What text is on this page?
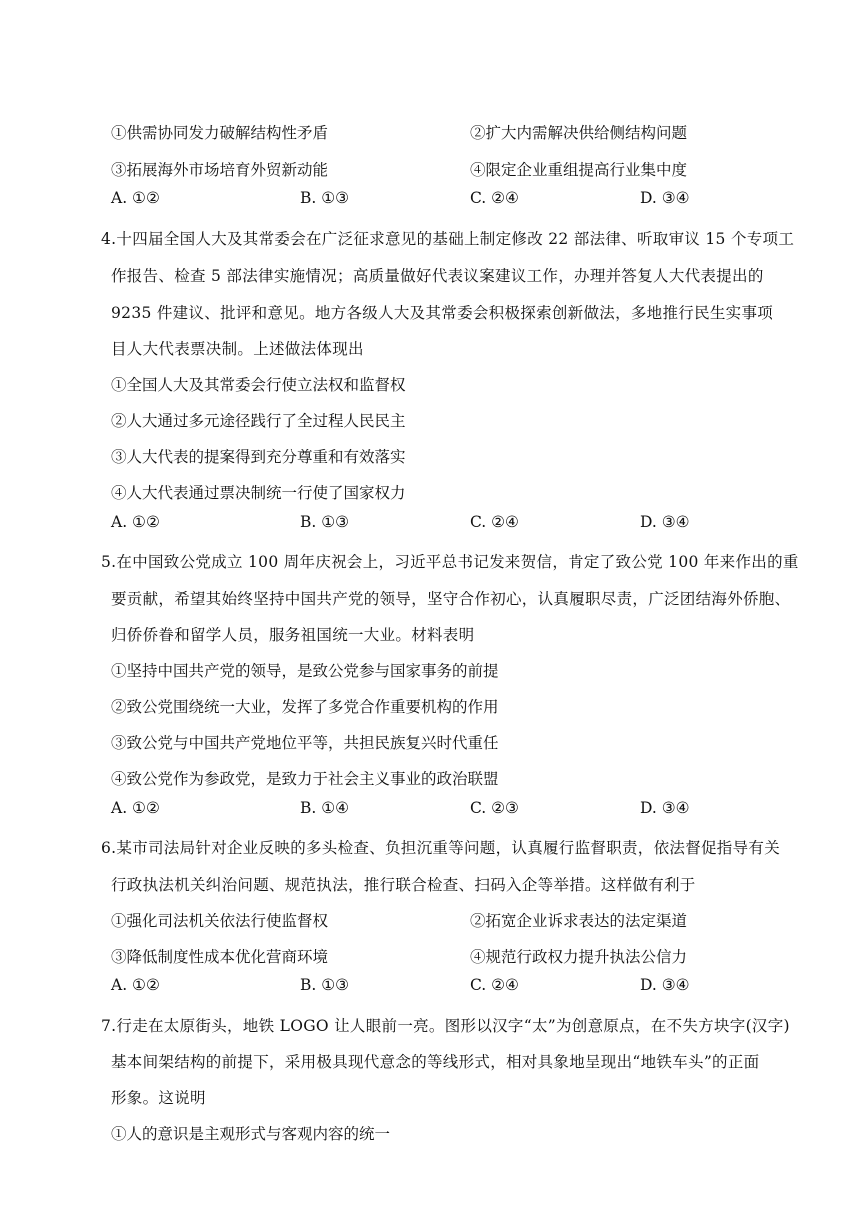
①供需协同发力破解结构性矛盾	②扩大内需解决供给侧结构问题
③拓展海外市场培育外贸新动能	④限定企业重组提高行业集中度
A. ①②	B. ①③	C. ②④	D. ③④
4.十四届全国人大及其常委会在广泛征求意见的基础上制定修改 22 部法律、听取审议 15 个专项工
作报告、检查 5 部法律实施情况；高质量做好代表议案建议工作，办理并答复人大代表提出的
9235 件建议、批评和意见。地方各级人大及其常委会积极探索创新做法，多地推行民生实事项
目人大代表票决制。上述做法体现出
①全国人大及其常委会行使立法权和监督权
②人大通过多元途径践行了全过程人民民主
③人大代表的提案得到充分尊重和有效落实
④人大代表通过票决制统一行使了国家权力
A. ①②	B. ①③	C. ②④	D. ③④
5.在中国致公党成立 100 周年庆祝会上，习近平总书记发来贺信，肯定了致公党 100 年来作出的重
要贡献，希望其始终坚持中国共产党的领导，坚守合作初心，认真履职尽责，广泛团结海外侨胞、
归侨侨眷和留学人员，服务祖国统一大业。材料表明
①坚持中国共产党的领导，是致公党参与国家事务的前提
②致公党围绕统一大业，发挥了多党合作重要机构的作用
③致公党与中国共产党地位平等，共担民族复兴时代重任
④致公党作为参政党，是致力于社会主义事业的政治联盟
A. ①②	B. ①④	C. ②③	D. ③④
6.某市司法局针对企业反映的多头检查、负担沉重等问题，认真履行监督职责，依法督促指导有关
行政执法机关纠治问题、规范执法，推行联合检查、扫码入企等举措。这样做有利于
①强化司法机关依法行使监督权	②拓宽企业诉求表达的法定渠道
③降低制度性成本优化营商环境	④规范行政权力提升执法公信力
A. ①②	B. ①③	C. ②④	D. ③④
7.行走在太原街头，地铁 LOGO 让人眼前一亮。图形以汉字“太”为创意原点，在不失方块字(汉字)
基本间架结构的前提下，采用极具现代意念的等线形式，相对具象地呈现出“地铁车头”的正面
形象。这说明
①人的意识是主观形式与客观内容的统一
